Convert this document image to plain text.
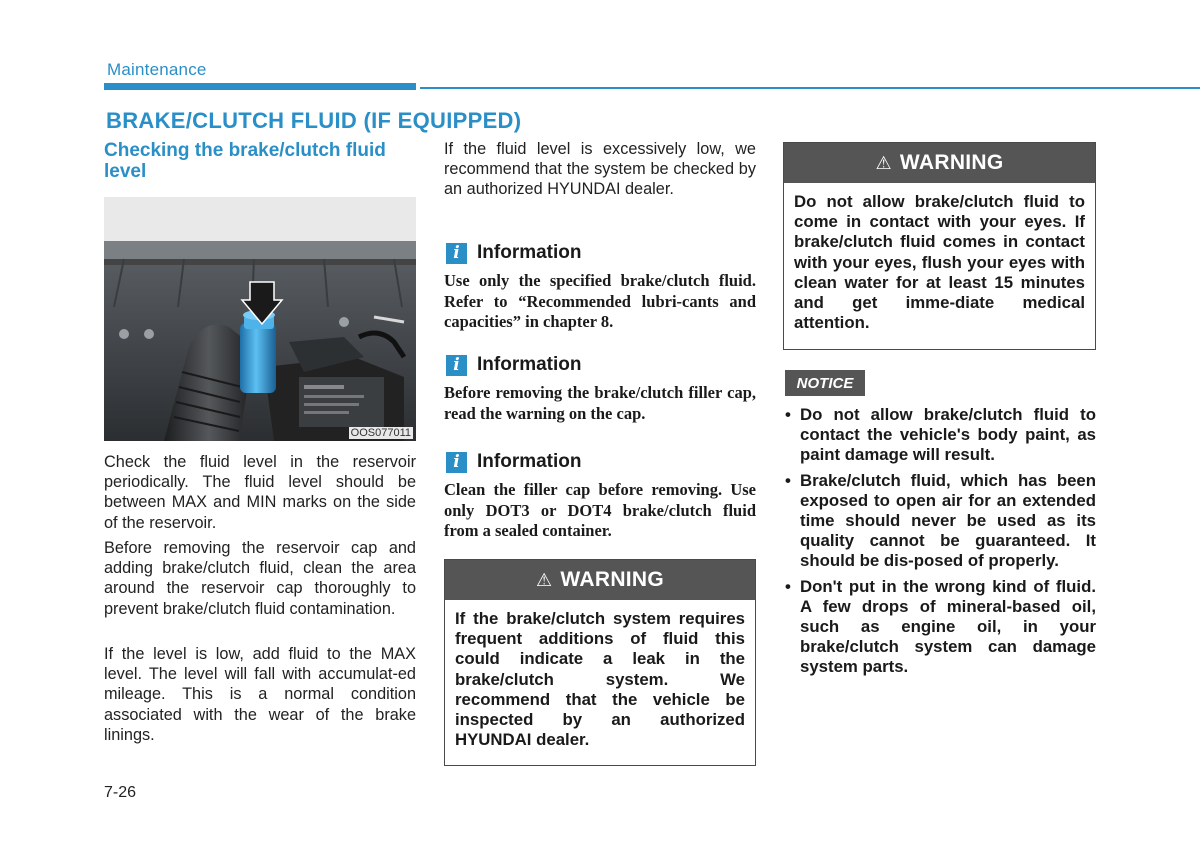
Maintenance
BRAKE/CLUTCH FLUID (IF EQUIPPED)
Checking the brake/clutch fluid level
OOS077011
Check the fluid level in the reservoir periodically. The fluid level should be between MAX and MIN marks on the side of the reservoir.
Before removing the reservoir cap and adding brake/clutch fluid, clean the area around the reservoir cap thoroughly to prevent brake/clutch fluid contamination.
If the level is low, add fluid to the MAX level. The level will fall with accumulat-ed mileage. This is a normal condition associated with the wear of the brake linings.
If the fluid level is excessively low, we recommend that the system be checked by an authorized HYUNDAI dealer.
i Information
Use only the specified brake/clutch fluid. Refer to “Recommended lubri-cants and capacities” in chapter 8.
i Information
Before removing the brake/clutch filler cap, read the warning on the cap.
i Information
Clean the filler cap before removing. Use only DOT3 or DOT4 brake/clutch fluid from a sealed container.
⚠ WARNING
If the brake/clutch system requires frequent additions of fluid this could indicate a leak in the brake/clutch system. We recommend that the vehicle be inspected by an authorized HYUNDAI dealer.
⚠ WARNING
Do not allow brake/clutch fluid to come in contact with your eyes. If brake/clutch fluid comes in contact with your eyes, flush your eyes with clean water for at least 15 minutes and get imme-diate medical attention.
NOTICE
• Do not allow brake/clutch fluid to contact the vehicle's body paint, as paint damage will result.
• Brake/clutch fluid, which has been exposed to open air for an extended time should never be used as its quality cannot be guaranteed. It should be dis-posed of properly.
• Don't put in the wrong kind of fluid. A few drops of mineral-based oil, such as engine oil, in your brake/clutch system can damage system parts.
7-26
